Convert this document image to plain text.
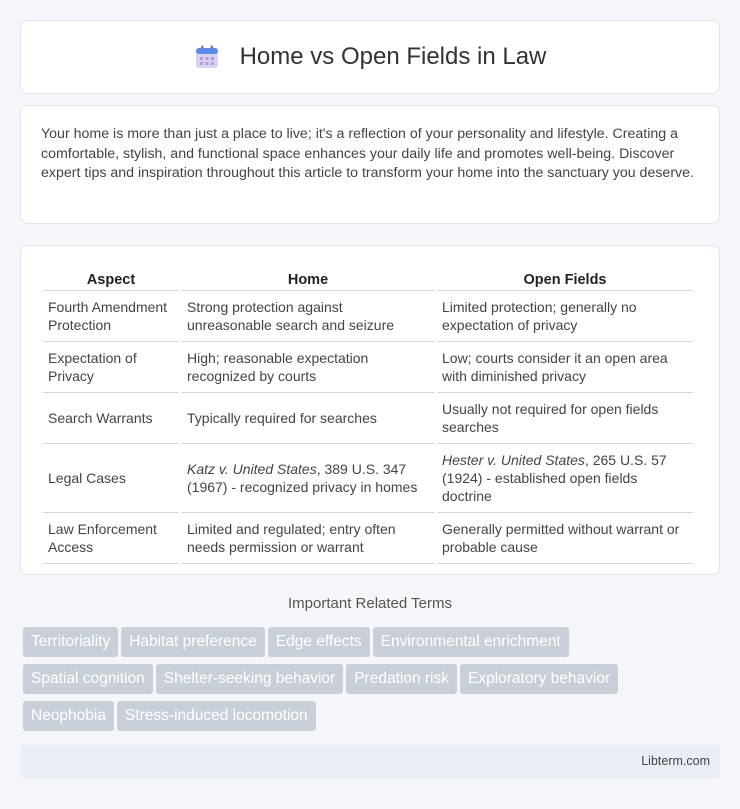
Home vs Open Fields in Law

Your home is more than just a place to live; it's a reflection of your personality and lifestyle. Creating a comfortable, stylish, and functional space enhances your daily life and promotes well-being. Discover expert tips and inspiration throughout this article to transform your home into the sanctuary you deserve.

Aspect	Home	Open Fields
Fourth Amendment Protection	Strong protection against unreasonable search and seizure	Limited protection; generally no expectation of privacy
Expectation of Privacy	High; reasonable expectation recognized by courts	Low; courts consider it an open area with diminished privacy
Search Warrants	Typically required for searches	Usually not required for open fields searches
Legal Cases	Katz v. United States, 389 U.S. 347 (1967) - recognized privacy in homes	Hester v. United States, 265 U.S. 57 (1924) - established open fields doctrine
Law Enforcement Access	Limited and regulated; entry often needs permission or warrant	Generally permitted without warrant or probable cause
Important Related Terms
Territoriality Habitat preference Edge effects Environmental enrichment
Spatial cognition Shelter-seeking behavior Predation risk Exploratory behavior
Neophobia Stress-induced locomotion
Libterm.com
